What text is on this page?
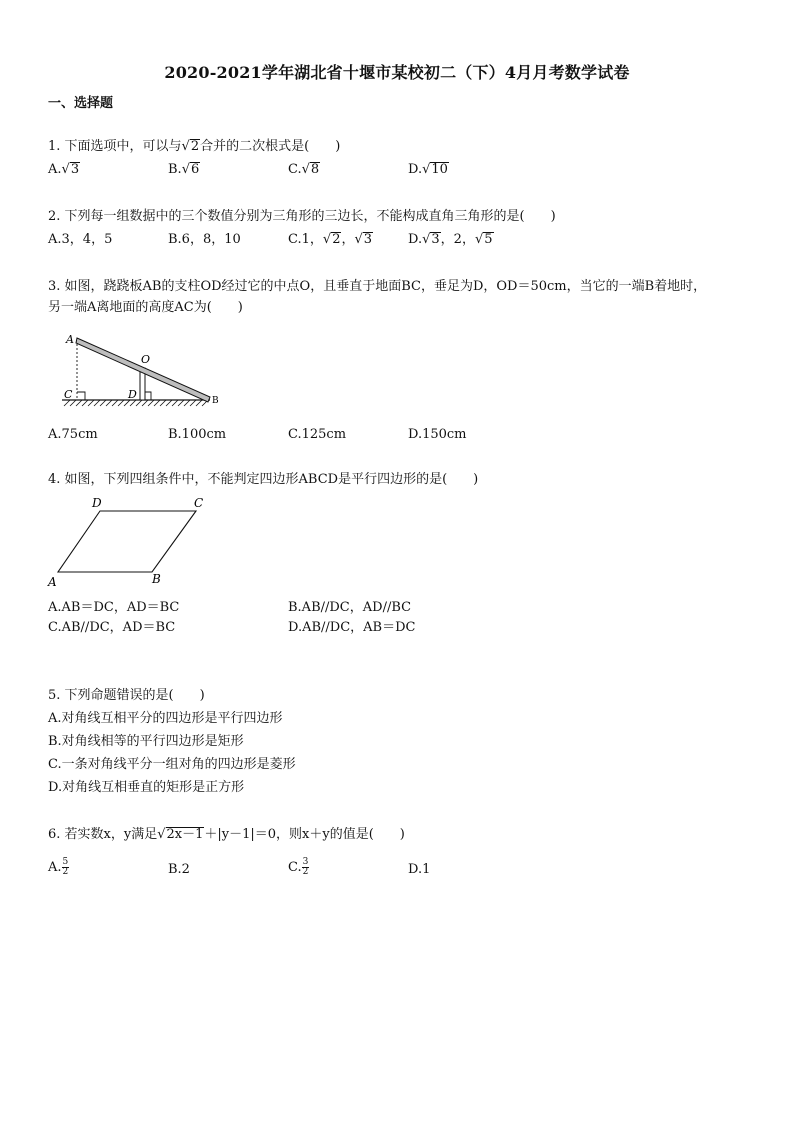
2020-2021学年湖北省十堰市某校初二（下）4月月考数学试卷
一、选择题
1. 下面选项中，可以与√2合并的二次根式是(　　)
A.√3	B.√6	C.√8	D.√10
2. 下列每一组数据中的三个数值分别为三角形的三边长，不能构成直角三角形的是(　　)
A.3，4，5	B.6，8，10	C.1，√2，√3	D.√3，2，√5
3. 如图，跷跷板AB的支柱OD经过它的中点O，且垂直于地面BC，垂足为D，OD＝50cm，当它的一端B着地时，
另一端A离地面的高度AC为(　　)
A
O
C	D	B
A.75cm	B.100cm	C.125cm	D.150cm
4. 如图，下列四组条件中，不能判定四边形ABCD是平行四边形的是(　　)
D	C
A	B
A.AB＝DC，AD＝BC	B.AB//DC，AD//BC
C.AB//DC，AD＝BC	D.AB//DC，AB＝DC
5. 下列命题错误的是(　　)
A.对角线互相平分的四边形是平行四边形
B.对角线相等的平行四边形是矩形
C.一条对角线平分一组对角的四边形是菱形
D.对角线互相垂直的矩形是正方形
6. 若实数x，y满足√2x－1＋|y－1|＝0，则x＋y的值是(　　)
A. $\frac{5}{2}$	B.2	C. $\frac{3}{2}$	D.1
